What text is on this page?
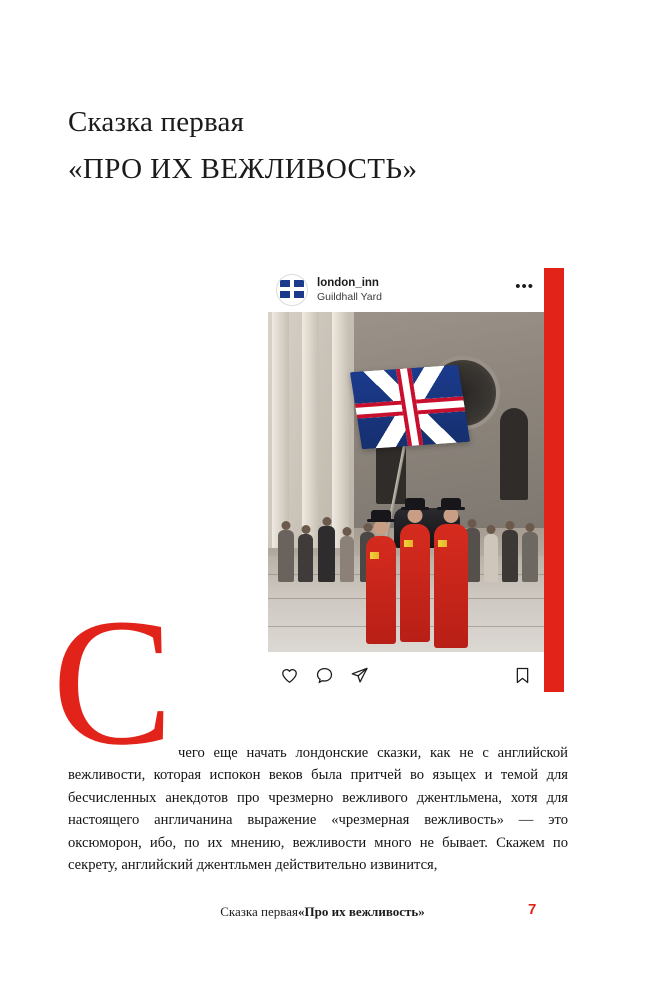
Сказка первая
«ПРО ИХ ВЕЖЛИВОСТЬ»
london_inn
Guildhall Yard
•••
С чего еще начать лондонские сказки, как не с английской вежливости, которая испокон веков была притчей во языцех и темой для бесчисленных анекдотов про чрезмерно вежливого джентльмена, хотя для настоящего англичанина выражение «чрезмерная вежливость» — это оксюморон, ибо, по их мнению, вежливости много не бывает. Скажем по секрету, английский джентльмен действительно извинится,

Сказка первая«Про их вежливость»	7
